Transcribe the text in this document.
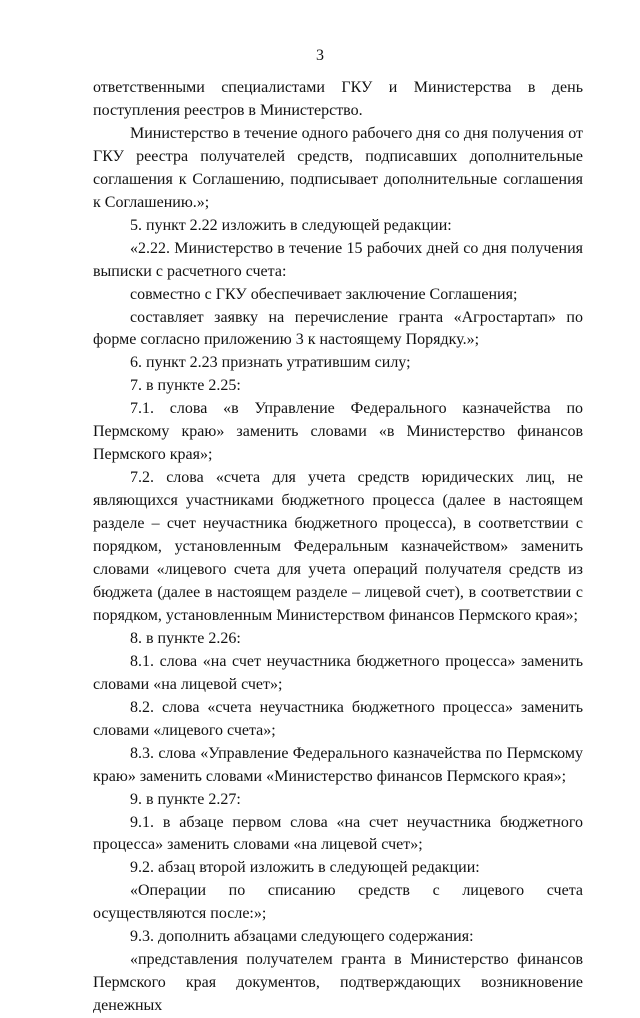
3

ответственными специалистами ГКУ и Министерства в день поступления реестров в Министерство.

Министерство в течение одного рабочего дня со дня получения от ГКУ реестра получателей средств, подписавших дополнительные соглашения к Соглашению, подписывает дополнительные соглашения к Соглашению.»;

5. пункт 2.22 изложить в следующей редакции:

«2.22. Министерство в течение 15 рабочих дней со дня получения выписки с расчетного счета:

совместно с ГКУ обеспечивает заключение Соглашения;

составляет заявку на перечисление гранта «Агростартап» по форме согласно приложению 3 к настоящему Порядку.»;

6. пункт 2.23 признать утратившим силу;

7. в пункте 2.25:

7.1. слова «в Управление Федерального казначейства по Пермскому краю» заменить словами «в Министерство финансов Пермского края»;

7.2. слова «счета для учета средств юридических лиц, не являющихся участниками бюджетного процесса (далее в настоящем разделе – счет неучастника бюджетного процесса), в соответствии с порядком, установленным Федеральным казначейством» заменить словами «лицевого счета для учета операций получателя средств из бюджета (далее в настоящем разделе – лицевой счет), в соответствии с порядком, установленным Министерством финансов Пермского края»;

8. в пункте 2.26:

8.1. слова «на счет неучастника бюджетного процесса» заменить словами «на лицевой счет»;

8.2. слова «счета неучастника бюджетного процесса» заменить словами «лицевого счета»;

8.3. слова «Управление Федерального казначейства по Пермскому краю» заменить словами «Министерство финансов Пермского края»;

9. в пункте 2.27:

9.1. в абзаце первом слова «на счет неучастника бюджетного процесса» заменить словами «на лицевой счет»;

9.2. абзац второй изложить в следующей редакции:

«Операции по списанию средств с лицевого счета осуществляются после:»;

9.3. дополнить абзацами следующего содержания:

«представления получателем гранта в Министерство финансов Пермского края документов, подтверждающих возникновение денежных
